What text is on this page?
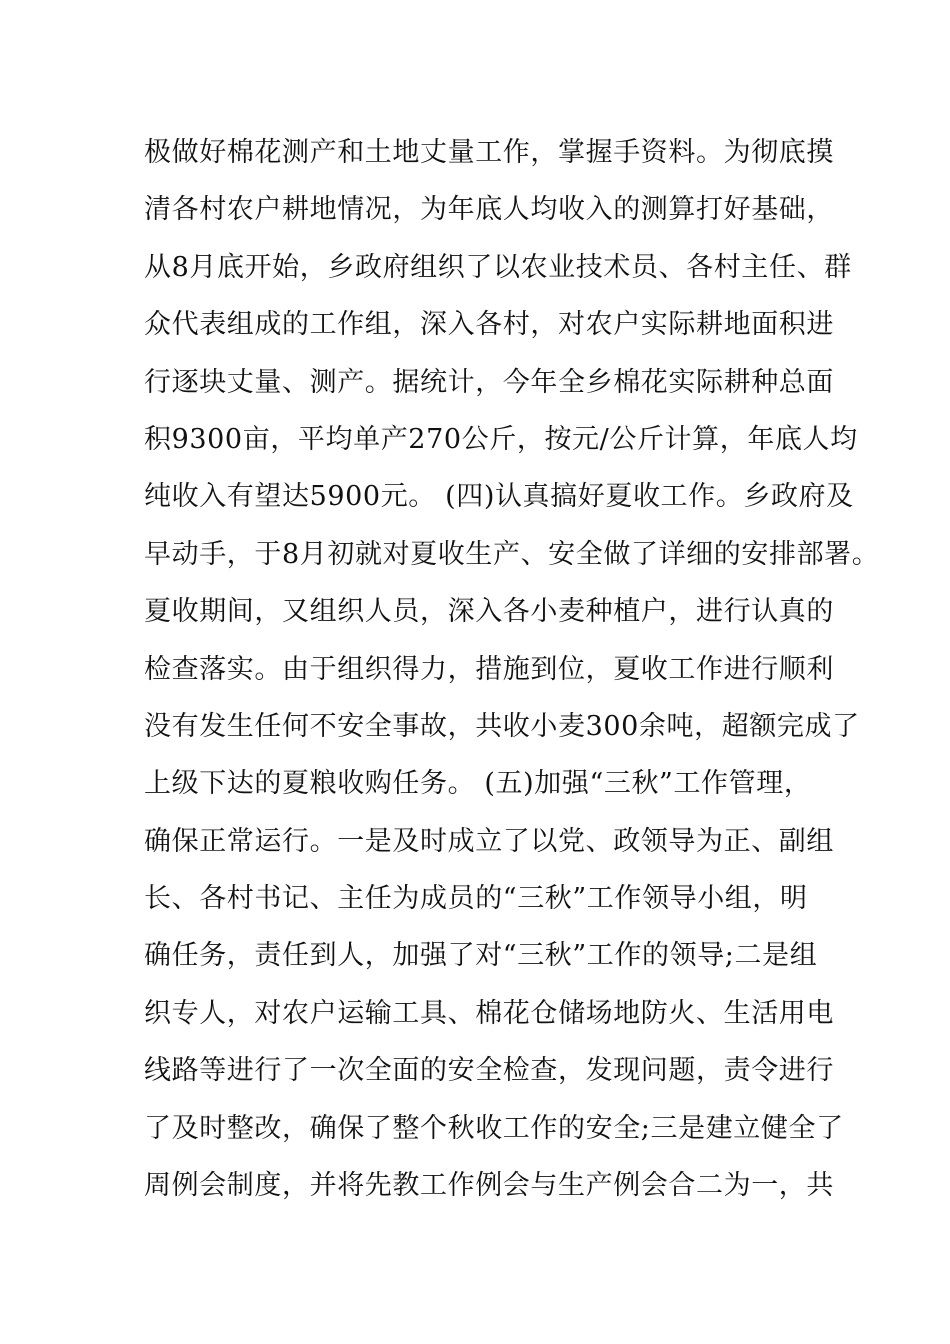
极做好棉花测产和土地丈量工作，掌握手资料。为彻底摸
清各村农户耕地情况，为年底人均收入的测算打好基础，
从8月底开始，乡政府组织了以农业技术员、各村主任、群
众代表组成的工作组，深入各村，对农户实际耕地面积进
行逐块丈量、测产。据统计，今年全乡棉花实际耕种总面
积9300亩，平均单产270公斤，按元/公斤计算，年底人均
纯收入有望达5900元。 (四)认真搞好夏收工作。乡政府及
早动手，于8月初就对夏收生产、安全做了详细的安排部署。
夏收期间，又组织人员，深入各小麦种植户，进行认真的
检查落实。由于组织得力，措施到位，夏收工作进行顺利
没有发生任何不安全事故，共收小麦300余吨，超额完成了
上级下达的夏粮收购任务。 (五)加强“三秋”工作管理，
确保正常运行。一是及时成立了以党、政领导为正、副组
长、各村书记、主任为成员的“三秋”工作领导小组，明
确任务，责任到人，加强了对“三秋”工作的领导;二是组
织专人，对农户运输工具、棉花仓储场地防火、生活用电
线路等进行了一次全面的安全检查，发现问题，责令进行
了及时整改，确保了整个秋收工作的安全;三是建立健全了
周例会制度，并将先教工作例会与生产例会合二为一，共
